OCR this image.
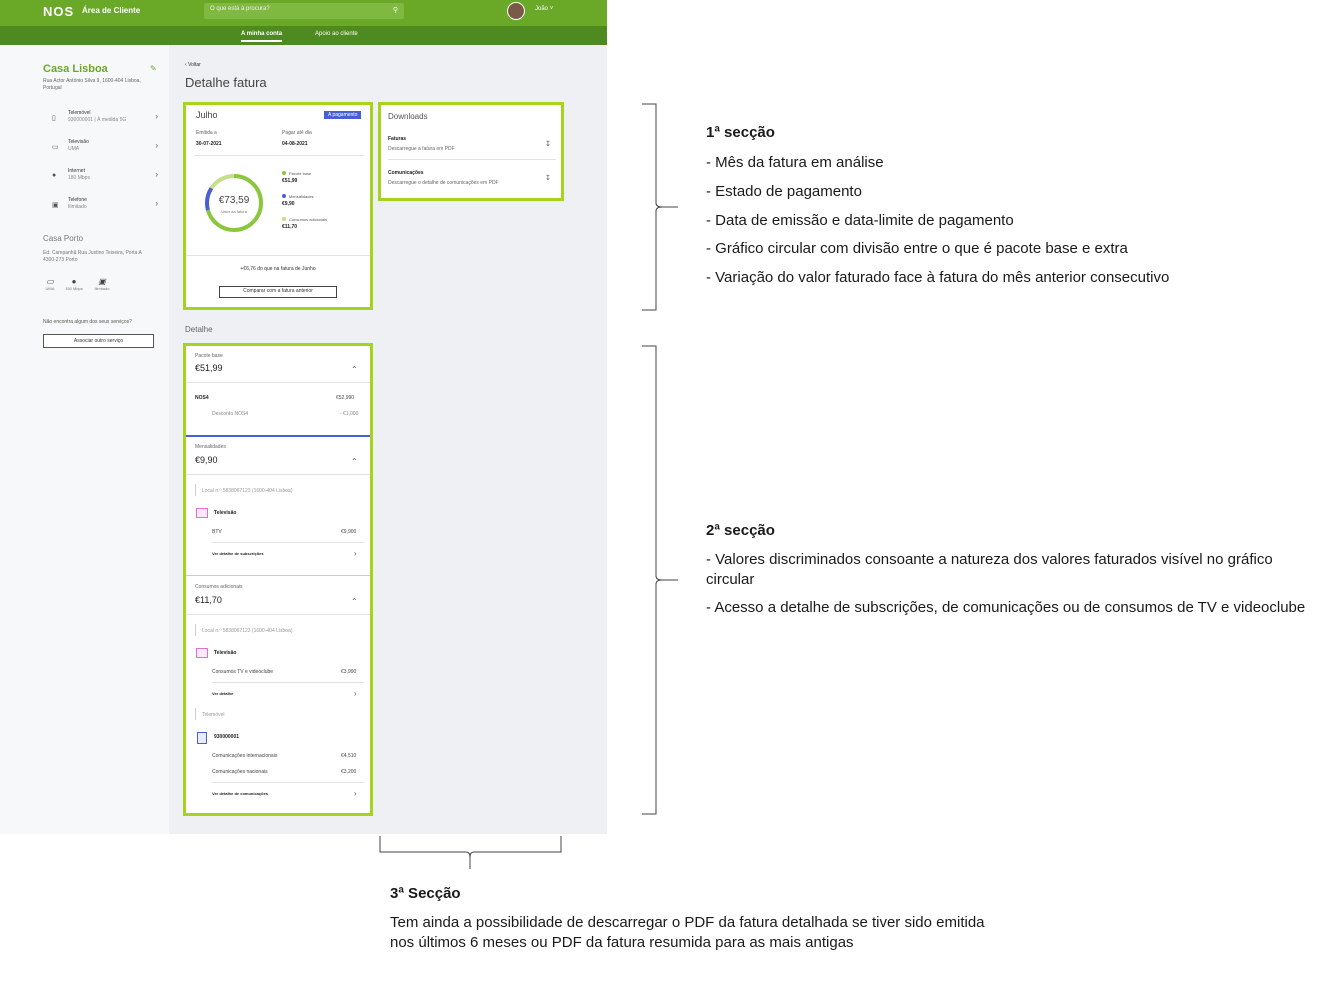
NOS Área de Cliente	O que está à procura?	⚲	João ˅
A minha conta	Apoio ao cliente
Casa Lisboa	✎
Rua Actor António Silva 9, 1600-404 Lisboa, Portugal
▯
Telemóvel
930000001 | À medida 5G	›
▭
Televisão
UMA	›
●
Internet
180 Mbps	›
▣
Telefone
Ilimitado	›
Casa Porto
Ed. Campanhã Rua Justino Teixeira, Porta A 4300-273 Porto
▭
UMA
●
150 Mbps
▣
Ilimitado
Não encontra algum dos seus serviços?
Associar outro serviço
‹ Voltar
Detalhe fatura
Julho	A pagamento
Emitida a
30-07-2021
Pagar até dia
04-08-2021
€73,59
Valor da fatura
Pacote base
€51,99
Mensalidades
€9,90
Consumos adicionais
€11,70
+€6,76 do que na fatura de Junho
Comparar com a fatura anterior
Downloads
Faturas
Descarregue a fatura em PDF
↧
Comunicações
Descarregue o detalhe de comunicações em PDF
↧
Detalhe
Pacote base
€51,99	⌃
NOS4	€52,990
Desconto NOS4	- €1,000
Mensalidades
€9,90	⌃
Local n.º 5838067123 (1600-404 Lisboa)
Televisão
BTV	€9,900
Ver detalhe de subscrições	›
Consumos adicionais
€11,70	⌃
Local n.º 5838067123 (1600-404 Lisboa)
Televisão
Consumos TV e videoclube	€3,990
Ver detalhe	›
Telemóvel
930000001
Comunicações internacionais	€4,510
Comunicações nacionais	€3,200
Ver detalhe de comunicações	›
1ª secção
- Mês da fatura em análise
- Estado de pagamento
- Data de emissão e data-limite de pagamento
- Gráfico circular com divisão entre o que é pacote base e extra
- Variação do valor faturado face à fatura do mês anterior consecutivo
2ª secção
- Valores discriminados consoante a natureza dos valores faturados visível no gráfico circular
- Acesso a detalhe de subscrições, de comunicações ou de consumos de TV e videoclube
3ª Secção
Tem ainda a possibilidade de descarregar o PDF da fatura detalhada se tiver sido emitida nos últimos 6 meses ou PDF da fatura resumida para as mais antigas
